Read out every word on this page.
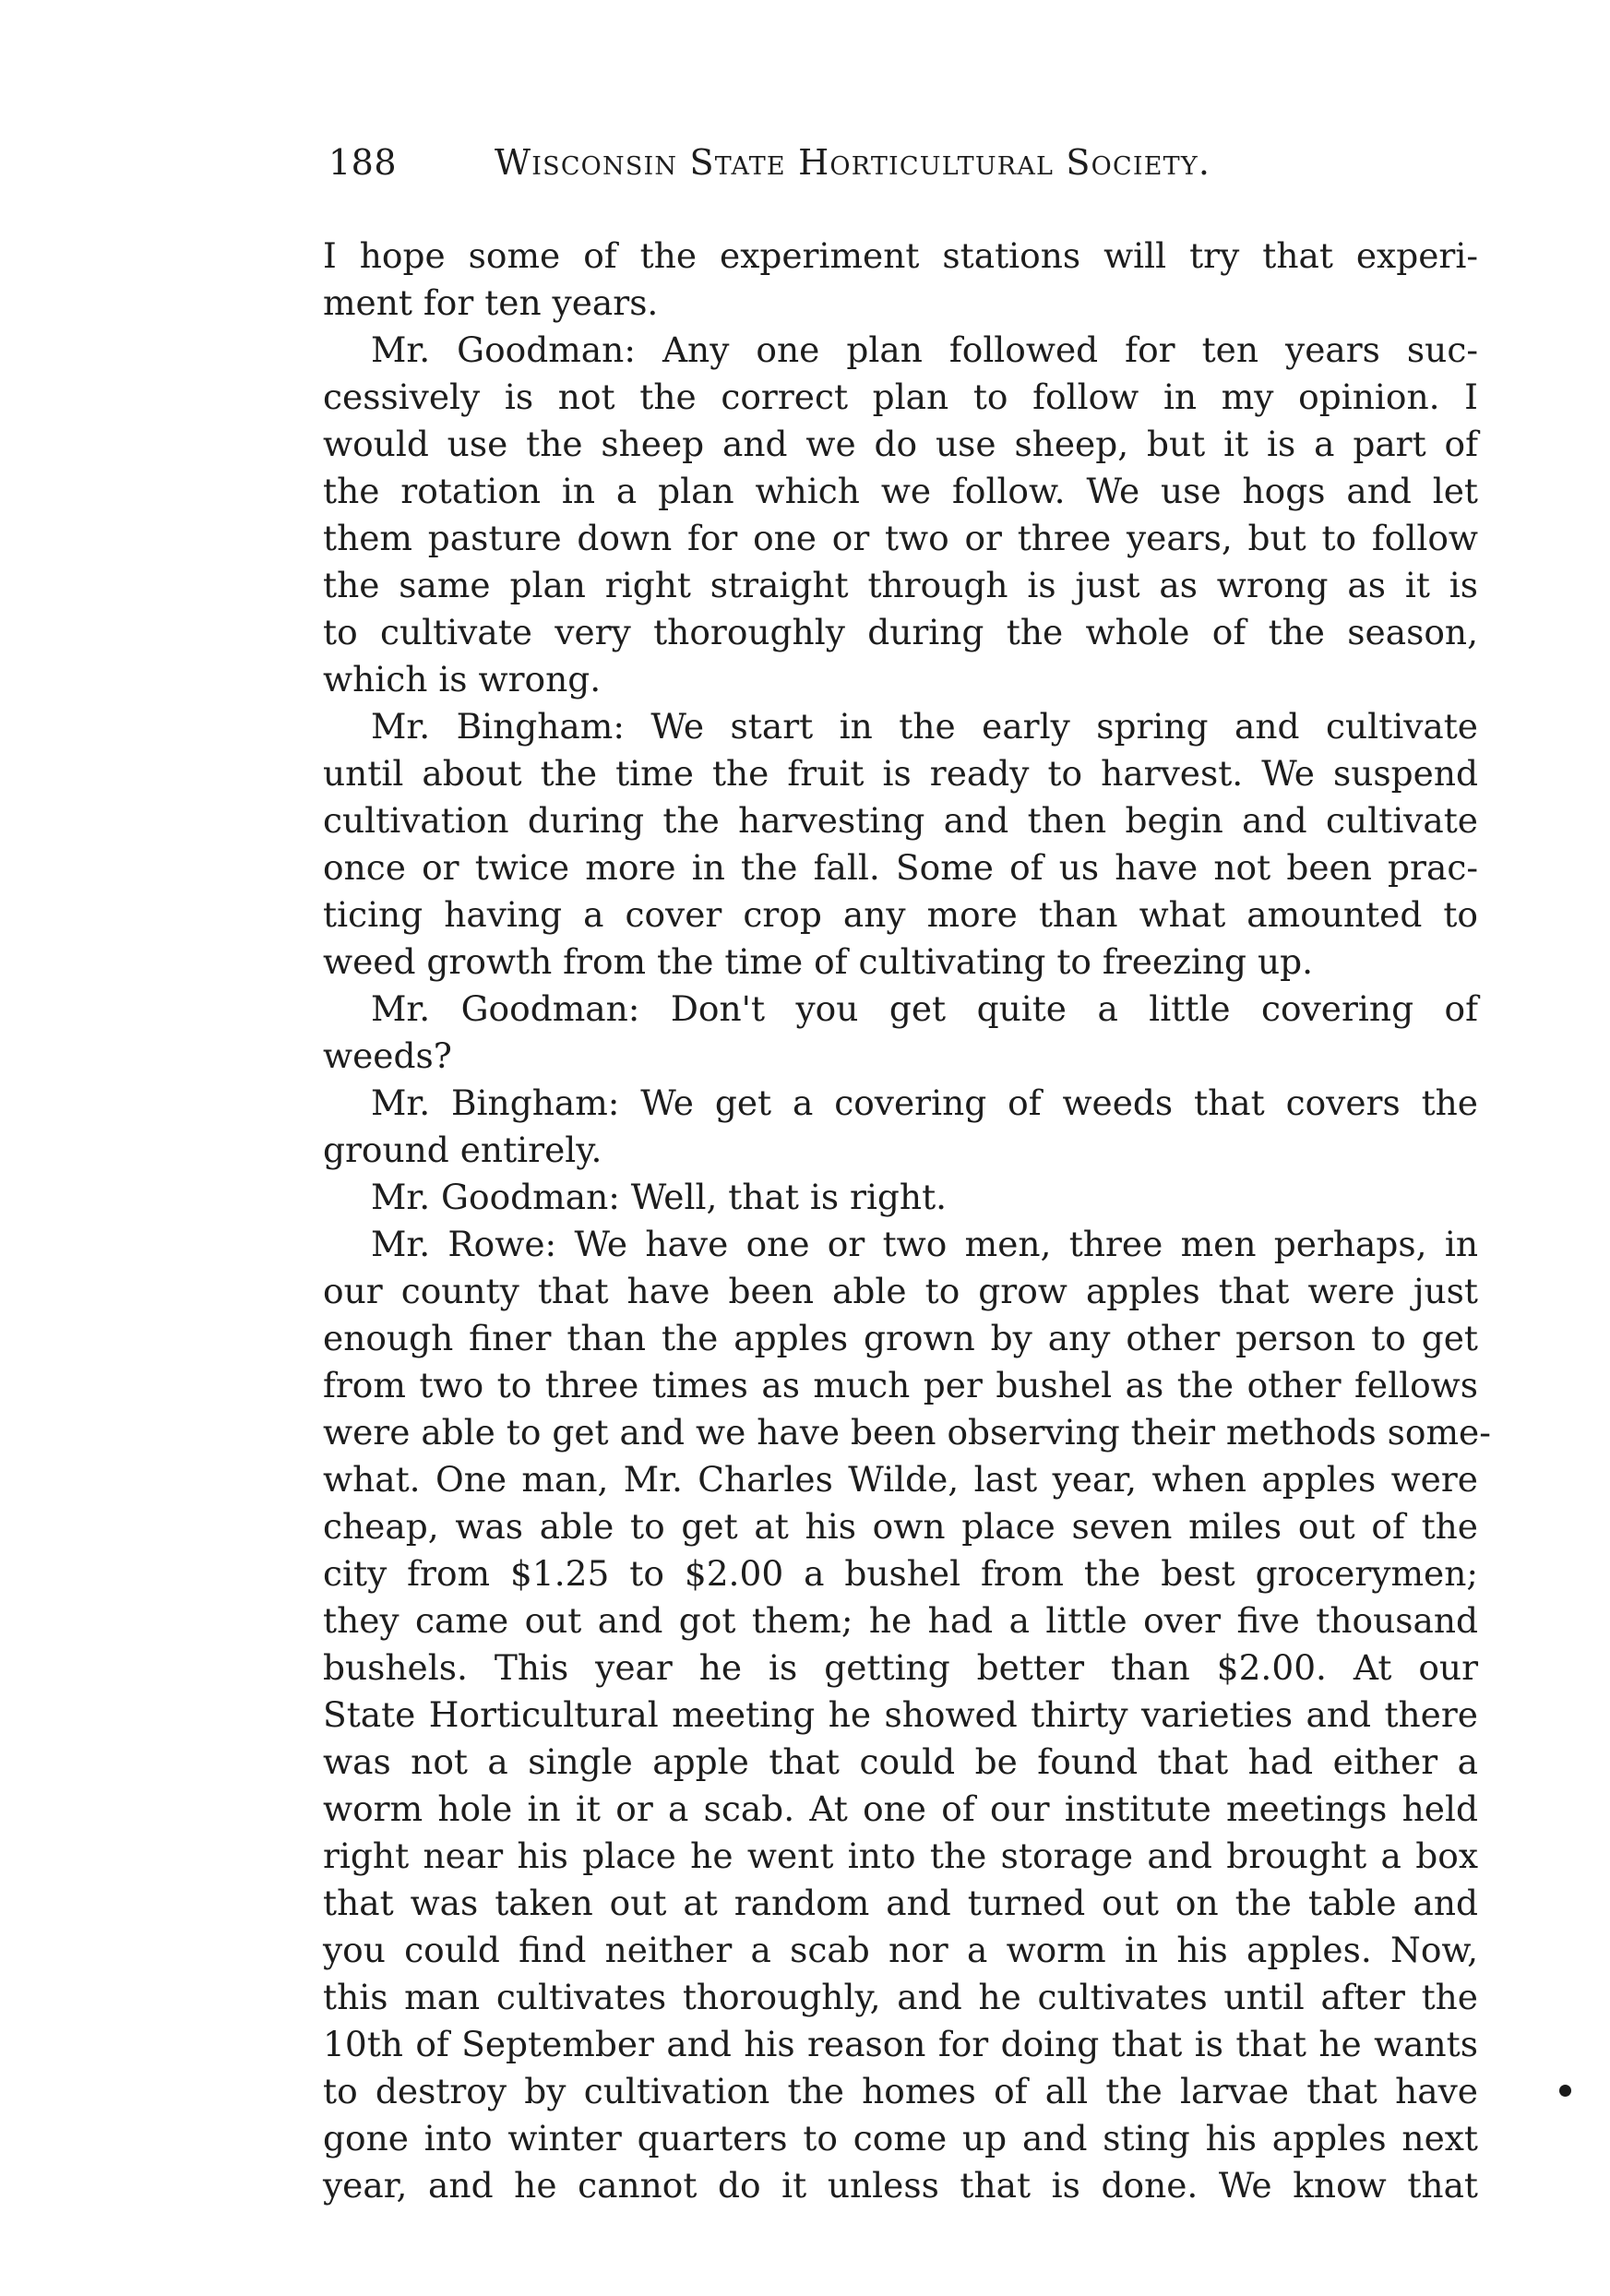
188	Wisconsin State Horticultural Society.
I hope some of the experiment stations will try that experi-
ment for ten years.
Mr. Goodman: Any one plan followed for ten years suc-
cessively is not the correct plan to follow in my opinion. I
would use the sheep and we do use sheep, but it is a part of
the rotation in a plan which we follow. We use hogs and let
them pasture down for one or two or three years, but to follow
the same plan right straight through is just as wrong as it is
to cultivate very thoroughly during the whole of the season,
which is wrong.
Mr. Bingham: We start in the early spring and cultivate
until about the time the fruit is ready to harvest. We suspend
cultivation during the harvesting and then begin and cultivate
once or twice more in the fall. Some of us have not been prac-
ticing having a cover crop any more than what amounted to
weed growth from the time of cultivating to freezing up.
Mr. Goodman: Don't you get quite a little covering of
weeds?
Mr. Bingham: We get a covering of weeds that covers the
ground entirely.
Mr. Goodman: Well, that is right.
Mr. Rowe: We have one or two men, three men perhaps, in
our county that have been able to grow apples that were just
enough finer than the apples grown by any other person to get
from two to three times as much per bushel as the other fellows
were able to get and we have been observing their methods some-
what. One man, Mr. Charles Wilde, last year, when apples were
cheap, was able to get at his own place seven miles out of the
city from $1.25 to $2.00 a bushel from the best grocerymen;
they came out and got them; he had a little over five thousand
bushels. This year he is getting better than $2.00. At our
State Horticultural meeting he showed thirty varieties and there
was not a single apple that could be found that had either a
worm hole in it or a scab. At one of our institute meetings held
right near his place he went into the storage and brought a box
that was taken out at random and turned out on the table and
you could find neither a scab nor a worm in his apples. Now,
this man cultivates thoroughly, and he cultivates until after the
10th of September and his reason for doing that is that he wants
to destroy by cultivation the homes of all the larvae that have
gone into winter quarters to come up and sting his apples next
year, and he cannot do it unless that is done. We know that
